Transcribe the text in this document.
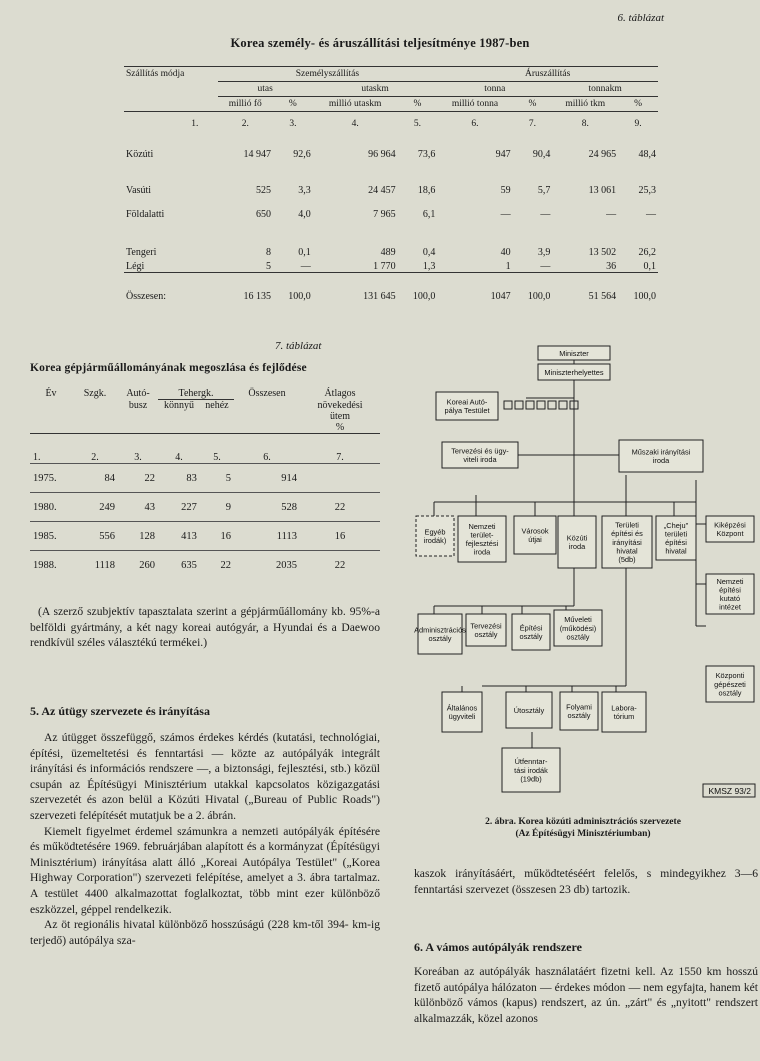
6. táblázat
Korea személy- és áruszállítási teljesítménye 1987-ben
Szállítás módja	Személyszállítás				Áruszállítás			
	utas		utaskm		tonna		tonnakm	
	millió fő	%	millió utaskm	%	millió tonna	%	millió tkm	%
1.	2.	3.	4.	5.	6.	7.	8.	9.
Közúti	14 947	92,6	96 964	73,6	947	90,4	24 965	48,4
Vasúti	525	3,3	24 457	18,6	59	5,7	13 061	25,3
Földalatti	650	4,0	7 965	6,1	—	—	—	—
Tengeri	8	0,1	489	0,4	40	3,9	13 502	26,2
Légi	5	—	1 770	1,3	1	—	36	0,1
Összesen:	16 135	100,0	131 645	100,0	1047	100,0	51 564	100,0
7. táblázat
Korea gépjárműállományának megoszlása és fejlődése
Év	Szgk.	Autó-	Tehergk.		Összesen	Átlagos
		busz	könnyű	nehéz		növekedési
						ütem
						%
1.	2.	3.	4.	5.	6.	7.
1975.	84	22	83	5	914	
1980.	249	43	227	9	528	22
1985.	556	128	413	16	1113	16
1988.	1118	260	635	22	2035	22

(A szerző szubjektív tapasztalata szerint a gépjárműállomány kb. 95%-a belföldi gyártmány, a két nagy koreai autógyár, a Hyundai és a Daewoo rendkívül széles választékú termékei.)

5. Az útügy szervezete és irányítása

Az útügget összefüggő, számos érdekes kérdés (kutatási, technológiai, építési, üzemeltetési és fenntartási — közte az autópályák integrált irányítási és információs rendszere —, a biztonsági, fejlesztési, stb.) közül csupán az Építésügyi Minisztérium utakkal kapcsolatos közigazgatási szervezetét és azon belül a Közúti Hivatal („Bureau of Public Roads") szervezeti felépítését mutatjuk be a 2. ábrán.

Kiemelt figyelmet érdemel számunkra a nemzeti autópályák építésére és működtetésére 1969. februárjában alapított és a kormányzat (Építésügyi Minisztérium) irányítása alatt álló „Koreai Autópálya Testület" („Korea Highway Corporation") szervezeti felépítése, amelyet a 3. ábra tartalmaz. A testület 4400 alkalmazottat foglalkoztat, több mint ezer különböző eszközzel, géppel rendelkezik.

Az öt regionális hivatal különböző hosszúságú (228 km-től 394- km-ig terjedő) autópálya sza-

kaszok irányításáért, működtetéséért felelős, s mindegyikhez 3—6 fenntartási szervezet (összesen 23 db) tartozik.

6. A vámos autópályák rendszere

Koreában az autópályák használatáért fizetni kell. Az 1550 km hosszú fizető autópálya hálózaton — érdekes módon — nem egyfajta, hanem két különböző vámos (kapus) rendszert, az ún. „zárt" és „nyitott" rendszert alkalmazzák, közel azonos

Miniszter
Miniszterhelyettes
Koreai Autó-
pálya Testület
Tervezési és ügy-
viteli iroda
Műszaki irányítási
iroda
Egyéb
irodák)
Nemzeti
terület-
fejlesztési
iroda
Városok
útjai	Közúti
iroda
Területi
építési és
irányítási
hivatal
(5db)
„Cheju"
területi
építési
hivatal
Kiképzési
Központ
Nemzeti
építési
kutató
intézet
Központi
gépészeti
osztály
Adminisztrációs
osztály
Tervezési
osztály
Építési
osztály
Műveleti
(működési)
osztály
Általános
ügyviteli
Útosztály	Folyami
osztály
Labora-
tórium
Útfenntar-
tási irodák
(19db)
KMSZ 93/2
2. ábra. Korea közúti adminisztrációs szervezete
(Az Építésügyi Minisztériumban)
